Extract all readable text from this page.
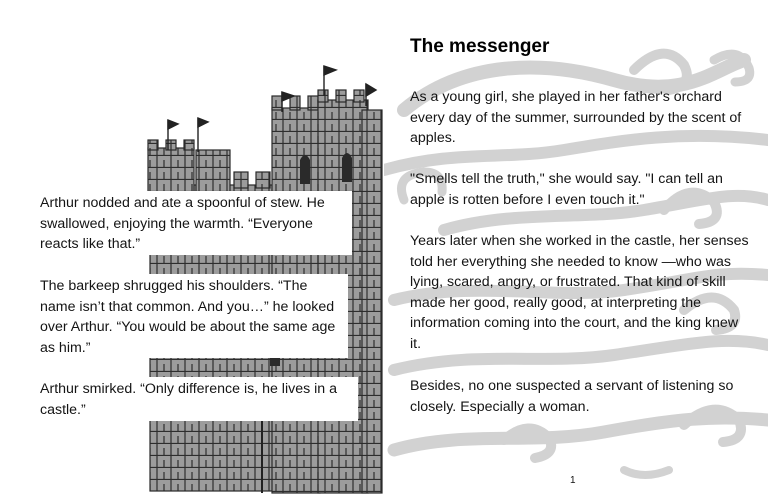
Arthur nodded and ate a spoonful of stew. He swallowed, enjoying the warmth. “Everyone reacts like that.”
The barkeep shrugged his shoulders. “The name isn’t that common. And you…” he looked over Arthur. “You would be about the same age as him.”
Arthur smirked. “Only difference is, he lives in a castle.”
The messenger
As a young girl, she played in her father's orchard every day of the summer, surrounded by the scent of apples.
"Smells tell the truth," she would say. "I can tell an apple is rotten before I even touch it."
Years later when she worked in the castle, her senses told her everything she needed to know —who was lying, scared, angry, or frustrated. That kind of skill made her good, really good, at interpreting the information coming into the court, and the king knew it.
Besides, no one suspected a servant of listening so closely. Especially a woman.
1
